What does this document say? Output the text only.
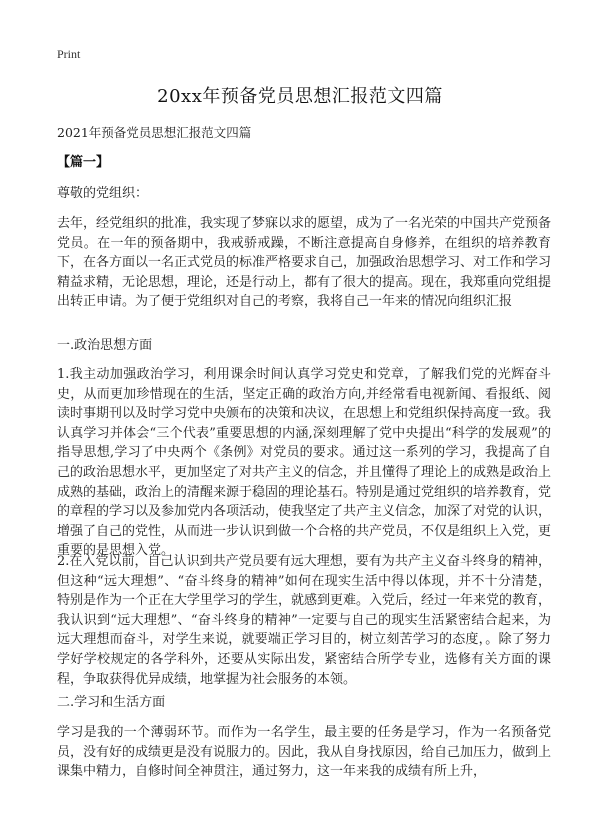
Print
20xx年预备党员思想汇报范文四篇
2021年预备党员思想汇报范文四篇
【篇一】
尊敬的党组织：
去年，经党组织的批准，我实现了梦寐以求的愿望，成为了一名光荣的中国共产党预备党员。在一年的预备期中，我戒骄戒躁，不断注意提高自身修养，在组织的培养教育下，在各方面以一名正式党员的标准严格要求自己，加强政治思想学习、对工作和学习精益求精，无论思想，理论，还是行动上，都有了很大的提高。现在，我郑重向党组提出转正申请。为了便于党组织对自己的考察，我将自己一年来的情况向组织汇报
一.政治思想方面
1.我主动加强政治学习，利用课余时间认真学习党史和党章，了解我们党的光辉奋斗史，从而更加珍惜现在的生活，坚定正确的政治方向,并经常看电视新闻、看报纸、阅读时事期刊以及时学习党中央颁布的决策和决议，在思想上和党组织保持高度一致。我认真学习并体会“三个代表”重要思想的内涵,深刻理解了党中央提出“科学的发展观”的指导思想,学习了中央两个《条例》对党员的要求。通过这一系列的学习，我提高了自己的政治思想水平，更加坚定了对共产主义的信念，并且懂得了理论上的成熟是政治上成熟的基础，政治上的清醒来源于稳固的理论基石。特别是通过党组织的培养教育，党的章程的学习以及参加党内各项活动，使我坚定了共产主义信念，加深了对党的认识，增强了自己的党性，从而进一步认识到做一个合格的共产党员，不仅是组织上入党，更重要的是思想入党。
2.在入党以前，自己认识到共产党员要有远大理想，要有为共产主义奋斗终身的精神，但这种“远大理想”、“奋斗终身的精神”如何在现实生活中得以体现，并不十分清楚，特别是作为一个正在大学里学习的学生，就感到更难。入党后，经过一年来党的教育，我认识到“远大理想”、“奋斗终身的精神”一定要与自己的现实生活紧密结合起来，为远大理想而奋斗，对学生来说，就要端正学习目的，树立刻苦学习的态度，。除了努力学好学校规定的各学科外，还要从实际出发，紧密结合所学专业，选修有关方面的课程，争取获得优异成绩，地掌握为社会服务的本领。
二.学习和生活方面
学习是我的一个薄弱环节。而作为一名学生，最主要的任务是学习，作为一名预备党员，没有好的成绩更是没有说服力的。因此，我从自身找原因，给自己加压力，做到上课集中精力，自修时间全神贯注，通过努力，这一年来我的成绩有所上升，
